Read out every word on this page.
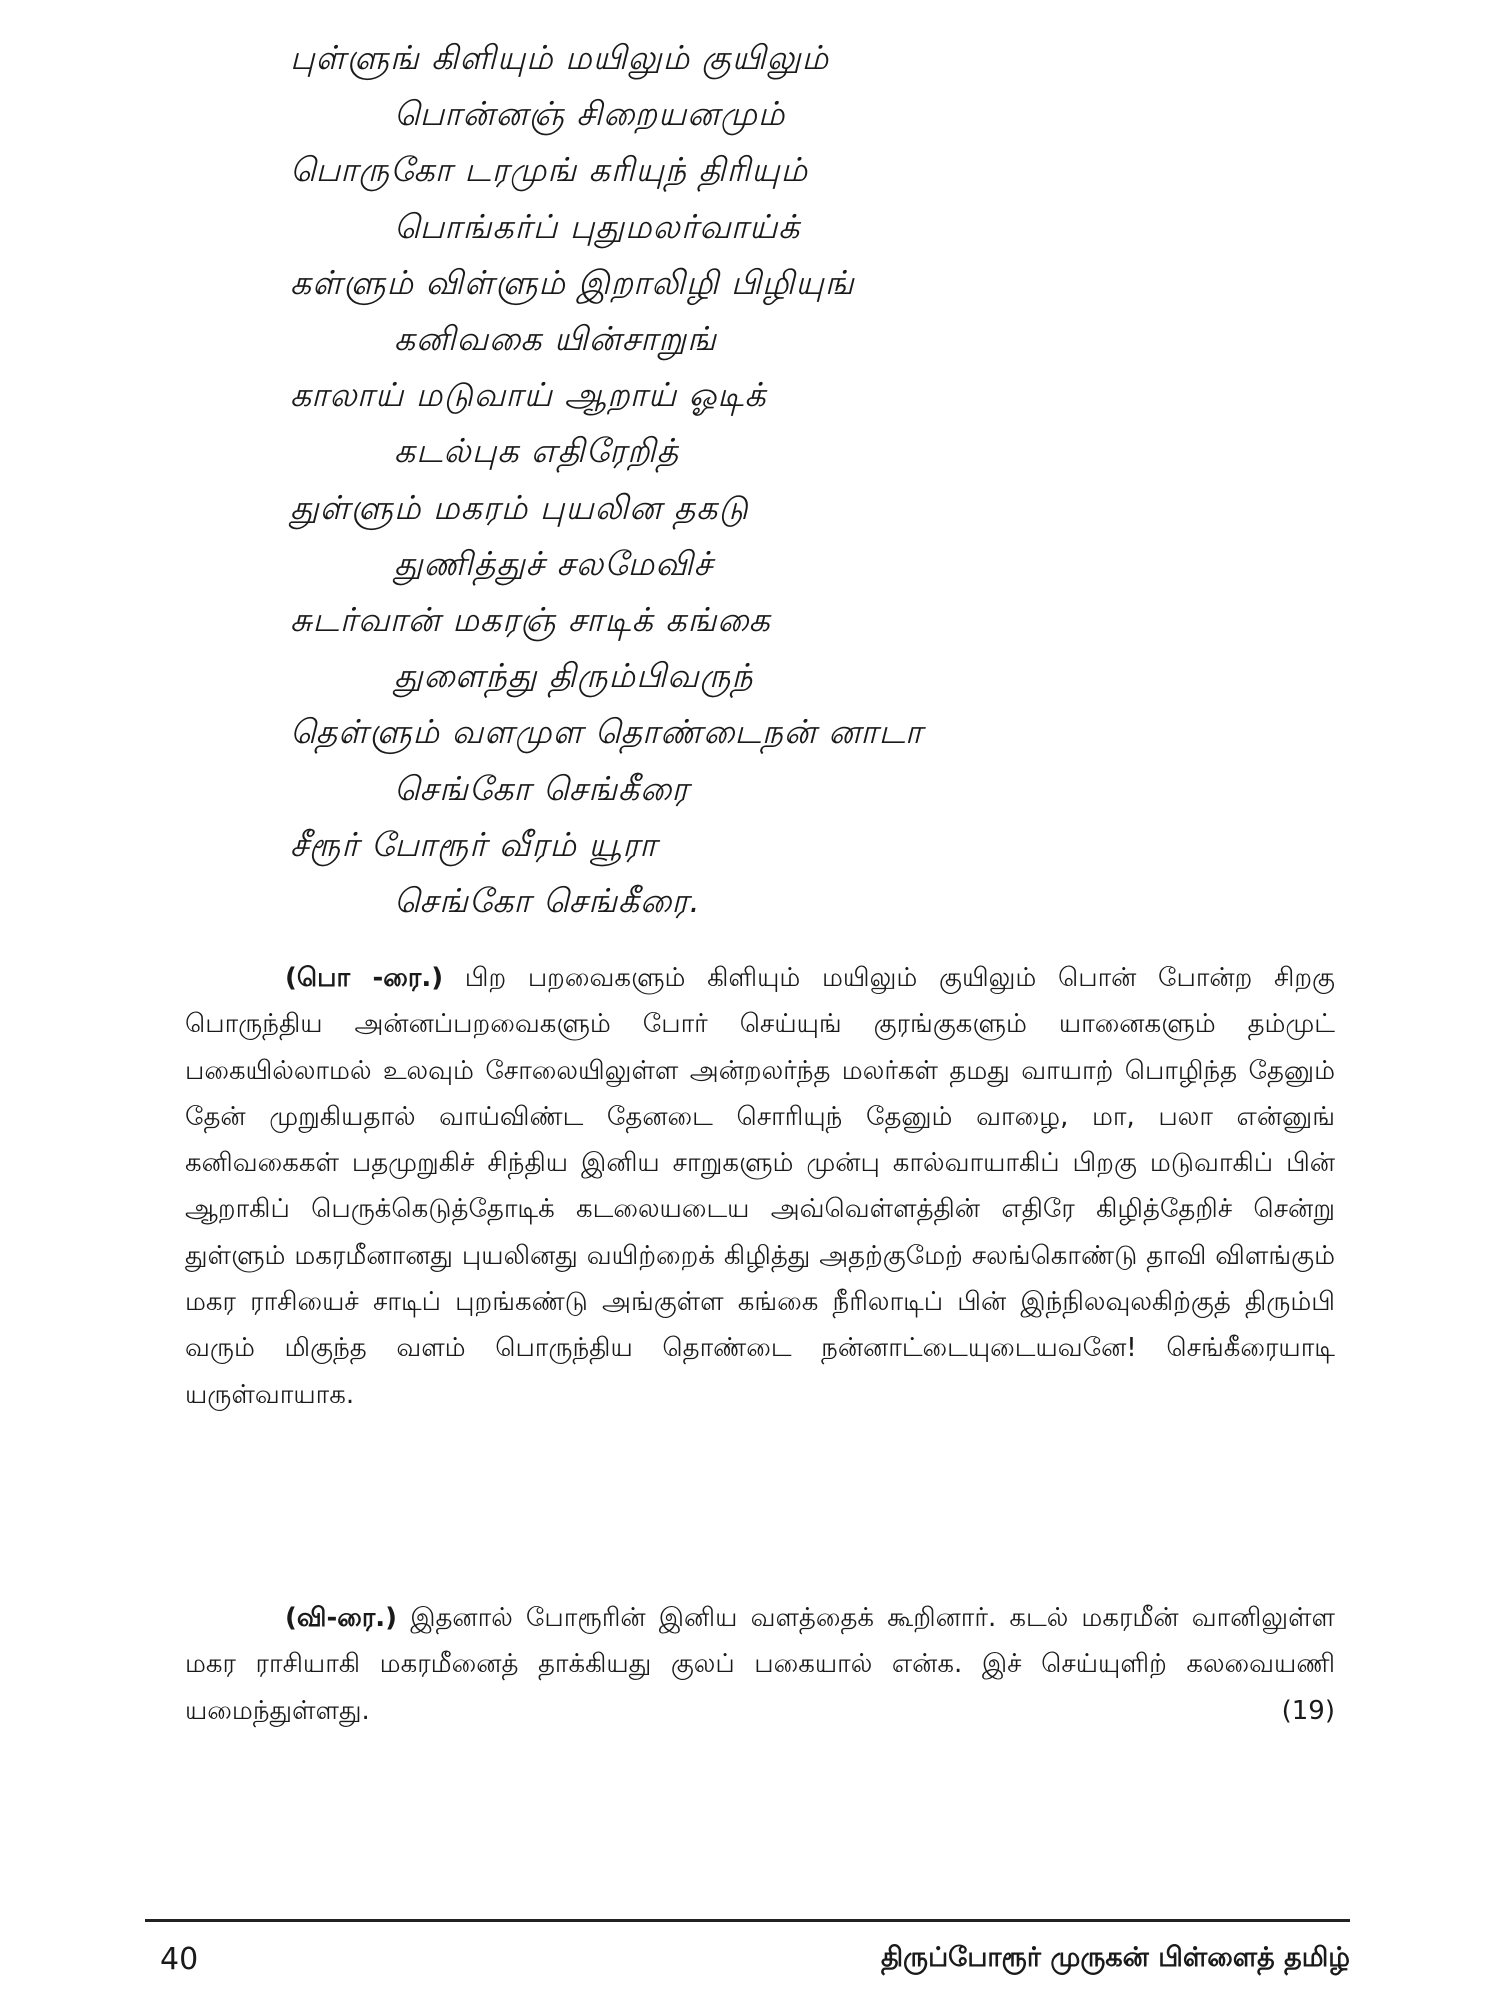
புள்ளுங் கிளியும் மயிலும் குயிலும்
பொன்னஞ் சிறையனமும்
பொருகோ டரமுங் கரியுந் திரியும்
பொங்கர்ப் புதுமலர்வாய்க்
கள்ளும் விள்ளும் இறாலிழி பிழியுங்
கனிவகை யின்சாறுங்
காலாய் மடுவாய் ஆறாய் ஓடிக்
கடல்புக எதிரேறித்
துள்ளும் மகரம் புயலின தகடு
துணித்துச் சலமேவிச்
சுடர்வான் மகரஞ் சாடிக் கங்கை
துளைந்து திரும்பிவருந்
தெள்ளும் வளமுள தொண்டைநன் னாடா
செங்கோ செங்கீரை
சீரூர் போரூர் வீரம் யூரா
செங்கோ செங்கீரை.

(பொ -ரை.) பிற பறவைகளும் கிளியும் மயிலும் குயிலும் பொன் போன்ற சிறகு பொருந்திய அன்னப்பறவைகளும் போர் செய்யுங் குரங்குகளும் யானைகளும் தம்முட் பகையில்லாமல் உலவும் சோலையிலுள்ள அன்றலர்ந்த மலர்கள் தமது வாயாற் பொழிந்த தேனும் தேன் முறுகியதால் வாய்விண்ட தேனடை சொரியுந் தேனும் வாழை, மா, பலா என்னுங் கனிவகைகள் பதமுறுகிச் சிந்திய இனிய சாறுகளும் முன்பு கால்வாயாகிப் பிறகு மடுவாகிப் பின் ஆறாகிப் பெருக்கெடுத்தோடிக் கடலையடைய அவ்வெள்ளத்தின் எதிரே கிழித்தேறிச் சென்று துள்ளும் மகரமீனானது புயலினது வயிற்றைக் கிழித்து அதற்குமேற் சலங்கொண்டு தாவி விளங்கும் மகர ராசியைச் சாடிப் புறங்கண்டு அங்குள்ள கங்கை நீரிலாடிப் பின் இந்நிலவுலகிற்குத் திரும்பி வரும் மிகுந்த வளம் பொருந்திய தொண்டை நன்னாட்டையுடையவனே! செங்கீரையாடி யருள்வாயாக.

(வி-ரை.) இதனால் போரூரின் இனிய வளத்தைக் கூறினார். கடல் மகரமீன் வானிலுள்ள மகர ராசியாகி மகரமீனைத் தாக்கியது குலப் பகையால் என்க. இச் செய்யுளிற் கலவையணி யமைந்துள்ளது.	(19)

40	திருப்போரூர் முருகன் பிள்ளைத் தமிழ்
